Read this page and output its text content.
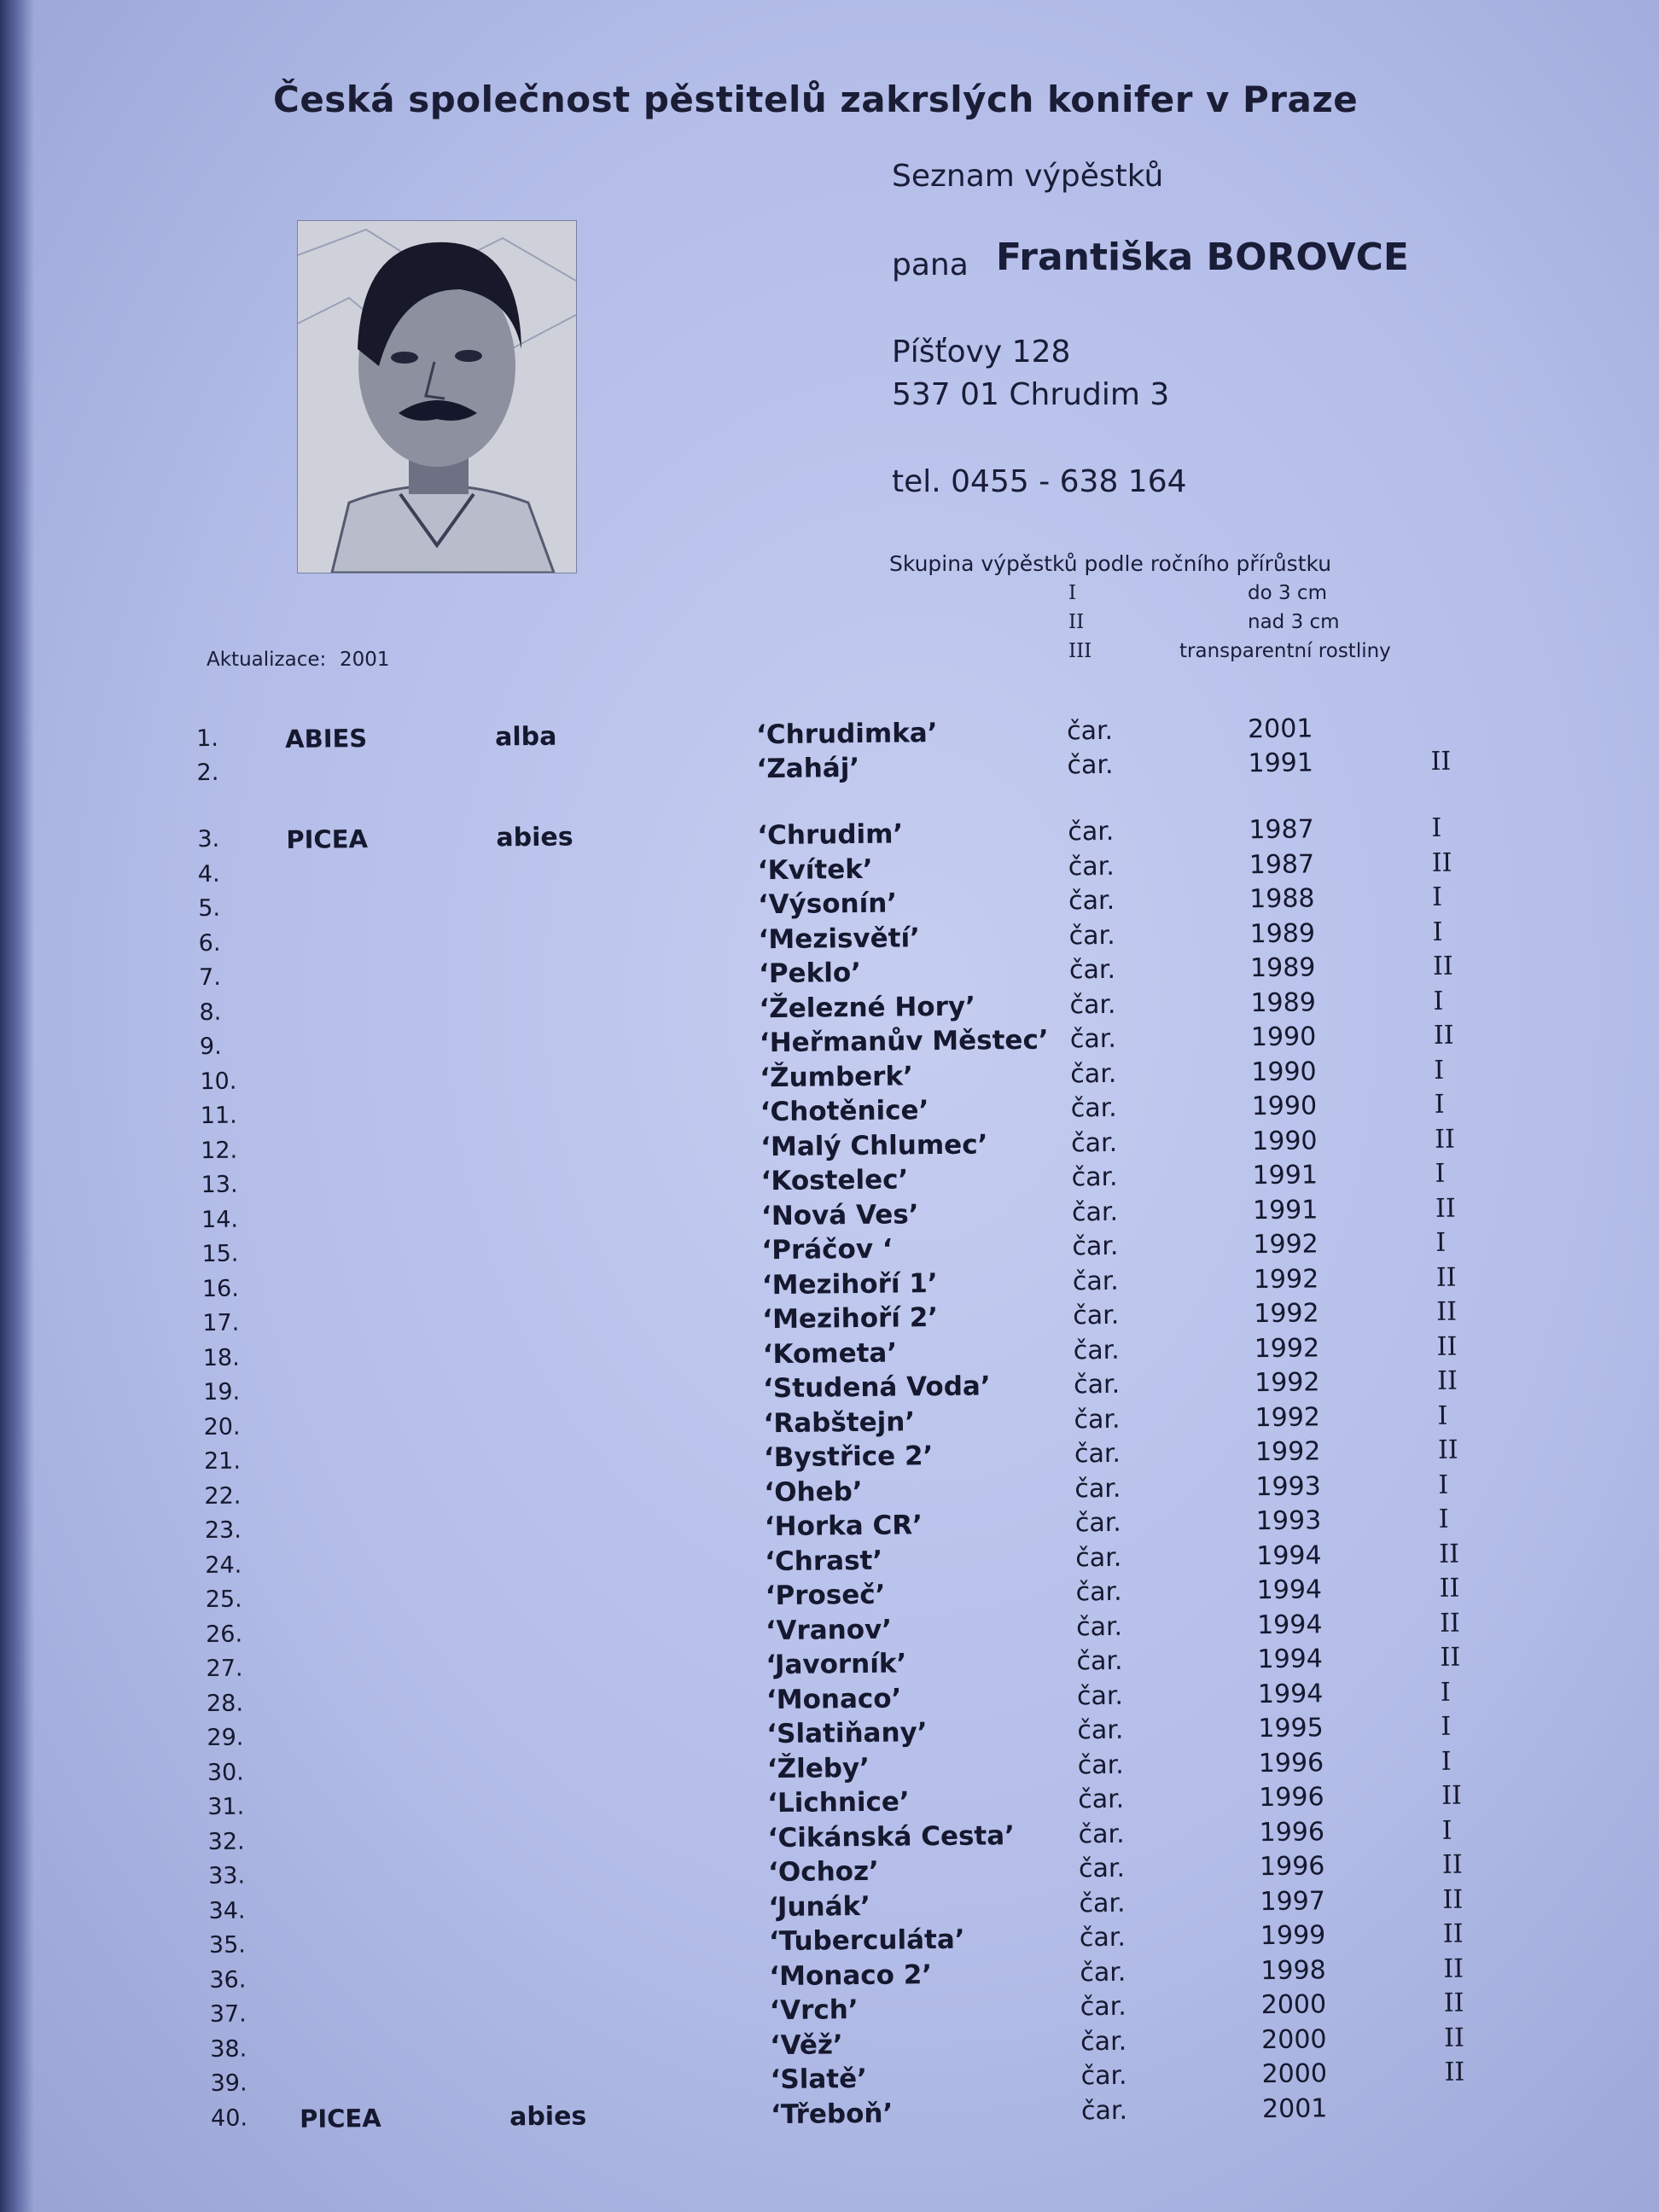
Česká společnost pěstitelů zakrslých konifer v Praze
Seznam výpěstků
pana Františka BOROVCE
Píšťovy 128
537 01 Chrudim 3
tel. 0455 - 638 164
Skupina výpěstků podle ročního přírůstku
I	do 3 cm
II	nad 3 cm
III	transparentní rostliny
Aktualizace: 2001
1.	ABIES	alba	‘Chrudimka’	čar.	2001
2.	‘Zaháj’	čar.	1991	II
3.	PICEA	abies	‘Chrudim’	čar.	1987	I
4.	‘Kvítek’	čar.	1987	II
5.	‘Výsonín’	čar.	1988	I
6.	‘Mezisvětí’	čar.	1989	I
7.	‘Peklo’	čar.	1989	II
8.	‘Železné Hory’	čar.	1989	I
9.	‘Heřmanův Městec’ čar.	1990	II
10.	‘Žumberk’	čar.	1990	I
11.	‘Chotěnice’	čar.	1990	I
12.	‘Malý Chlumec’	čar.	1990	II
13.	‘Kostelec’	čar.	1991	I
14.	‘Nová Ves’	čar.	1991	II
15.	‘Práčov ‘	čar.	1992	I
16.	‘Mezihoří 1’	čar.	1992	II
17.	‘Mezihoří 2’	čar.	1992	II
18.	‘Kometa’	čar.	1992	II
19.	‘Studená Voda’	čar.	1992	II
20.	‘Rabštejn’	čar.	1992	I
21.	‘Bystřice 2’	čar.	1992	II
22.	‘Oheb’	čar.	1993	I
23.	‘Horka CR’	čar.	1993	I
24.	‘Chrast’	čar.	1994	II
25.	‘Proseč’	čar.	1994	II
26.	‘Vranov’	čar.	1994	II
27.	‘Javorník’	čar.	1994	II
28.	‘Monaco’	čar.	1994	I
29.	‘Slatiňany’	čar.	1995	I
30.	‘Žleby’	čar.	1996	I
31.	‘Lichnice’	čar.	1996	II
32.	‘Cikánská Cesta’ čar.	1996	I
33.	‘Ochoz’	čar.	1996	II
34.	‘Junák’	čar.	1997	II
35.	‘Tuberculáta’	čar.	1999	II
36.	‘Monaco 2’	čar.	1998	II
37.	‘Vrch’	čar.	2000	II
38.	‘Věž’	čar.	2000	II
39.	‘Slatě’	čar.	2000	II
40. PICEA	abies	‘Třeboň’	čar.	2001
